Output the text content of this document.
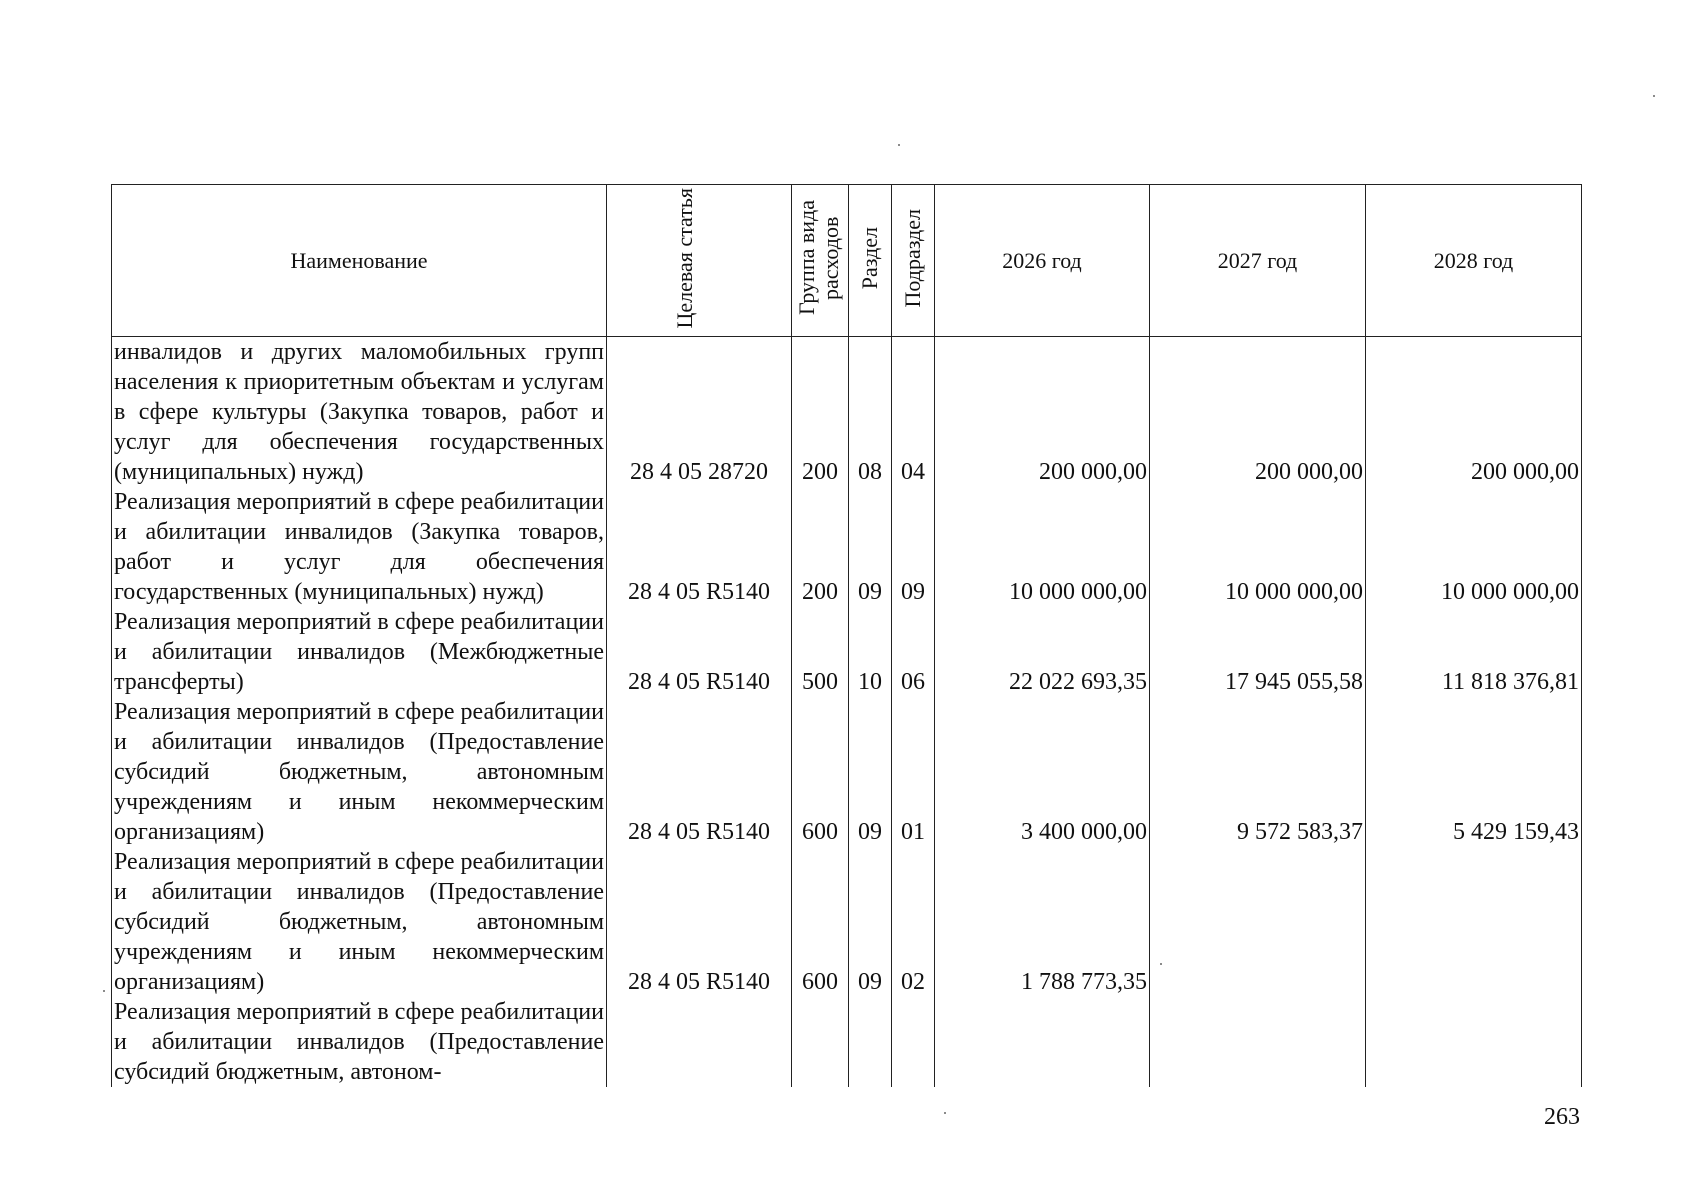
Наименование	Целевая статья	Группа вида расходов	Раздел	Подраздел	2026 год	2027 год	2028 год
инвалидов и других маломобильных групп населения к приоритетным объектам и услугам в сфере культуры (Закупка товаров, работ и услуг для обеспечения государственных (муниципальных) нужд)	28 4 05 28720	200	08	04	200 000,00	200 000,00	200 000,00
Реализация мероприятий в сфере реабилитации и абилитации инвалидов (Закупка товаров, работ и услуг для обеспечения государственных (муниципальных) нужд)	28 4 05 R5140	200	09	09	10 000 000,00	10 000 000,00	10 000 000,00
Реализация мероприятий в сфере реабилитации и абилитации инвалидов (Межбюджетные трансферты)	28 4 05 R5140	500	10	06	22 022 693,35	17 945 055,58	11 818 376,81
Реализация мероприятий в сфере реабилитации и абилитации инвалидов (Предоставление субсидий бюджетным, автономным учреждениям и иным некоммерческим организациям)	28 4 05 R5140	600	09	01	3 400 000,00	9 572 583,37	5 429 159,43
Реализация мероприятий в сфере реабилитации и абилитации инвалидов (Предоставление субсидий бюджетным, автономным учреждениям и иным некоммерческим организациям)	28 4 05 R5140	600	09	02	1 788 773,35		
Реализация мероприятий в сфере реабилитации и абилитации инвалидов (Предоставление субсидий бюджетным, автоном-							
263
